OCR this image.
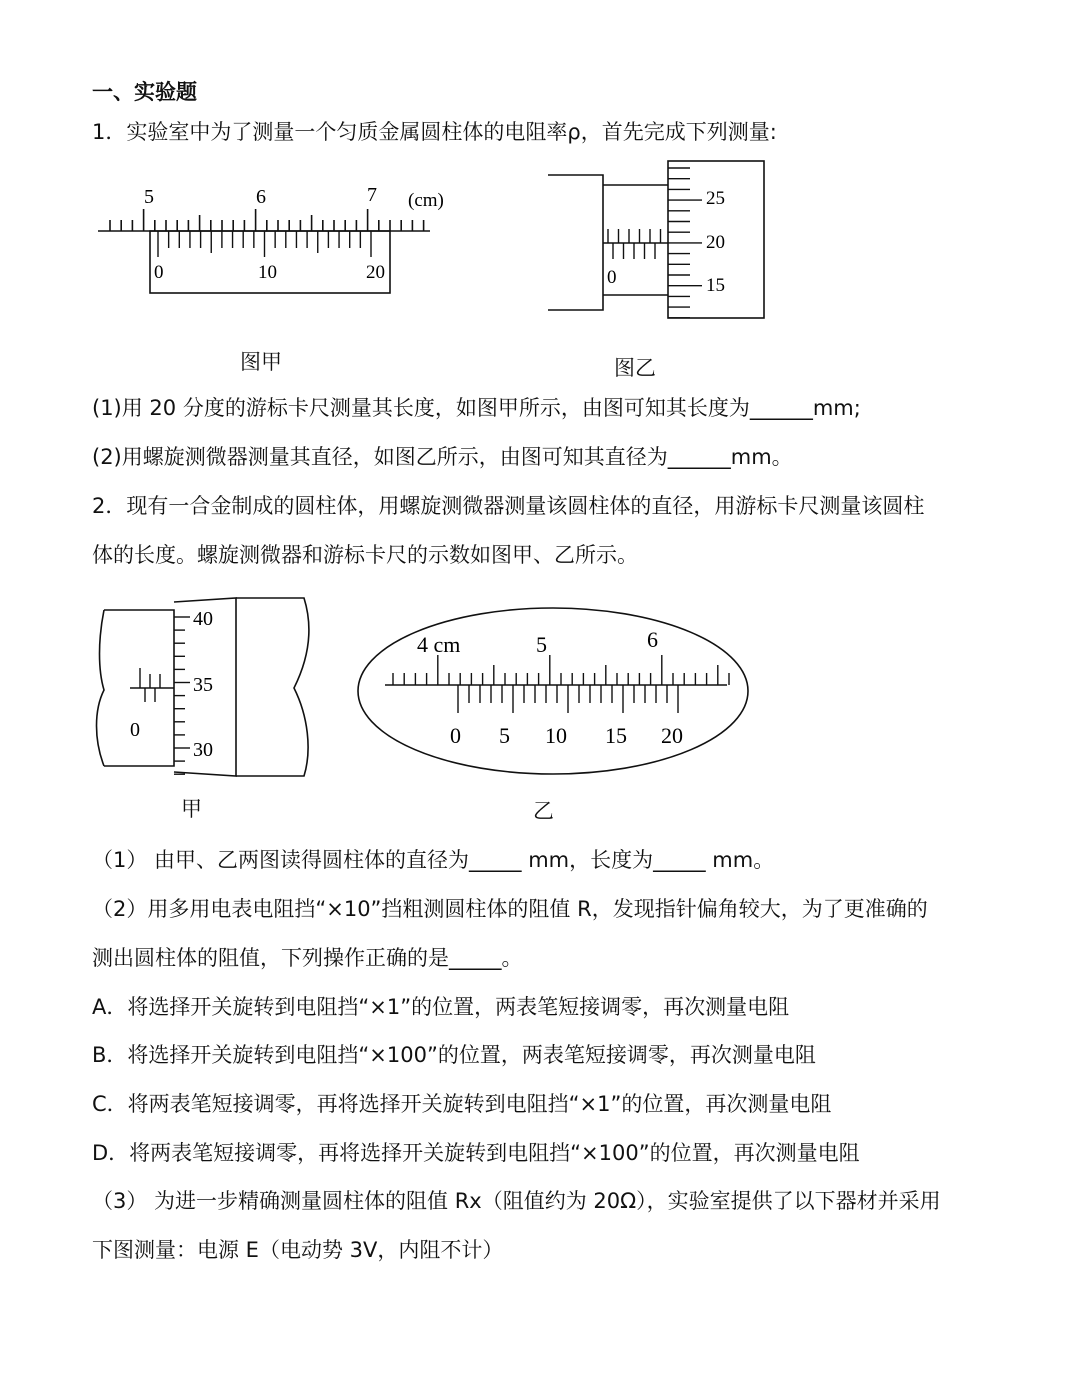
一、实验题
1．实验室中为了测量一个匀质金属圆柱体的电阻率ρ，首先完成下列测量:
5	6	7 (cm)
0	10	20
图甲
25
20
15
0
图乙
(1)用 20 分度的游标卡尺测量其长度，如图甲所示，由图可知其长度为______mm;
(2)用螺旋测微器测量其直径，如图乙所示，由图可知其直径为______mm。
2．现有一合金制成的圆柱体，用螺旋测微器测量该圆柱体的直径，用游标卡尺测量该圆柱
体的长度。螺旋测微器和游标卡尺的示数如图甲、乙所示。
40
35
30
0
甲
4 cm	5	6
0 5 10 15 20
乙
（1） 由甲、乙两图读得圆柱体的直径为_____ mm，长度为_____ mm。
（2）用多用电表电阻挡“×10”挡粗测圆柱体的阻值 R，发现指针偏角较大，为了更准确的
测出圆柱体的阻值，下列操作正确的是_____。
A．将选择开关旋转到电阻挡“×1”的位置，两表笔短接调零，再次测量电阻
B．将选择开关旋转到电阻挡“×100”的位置，两表笔短接调零，再次测量电阻
C．将两表笔短接调零，再将选择开关旋转到电阻挡“×1”的位置，再次测量电阻
D．将两表笔短接调零，再将选择开关旋转到电阻挡“×100”的位置，再次测量电阻
（3） 为进一步精确测量圆柱体的阻值 Rx（阻值约为 20Ω），实验室提供了以下器材并采用
下图测量：电源 E（电动势 3V，内阻不计）
